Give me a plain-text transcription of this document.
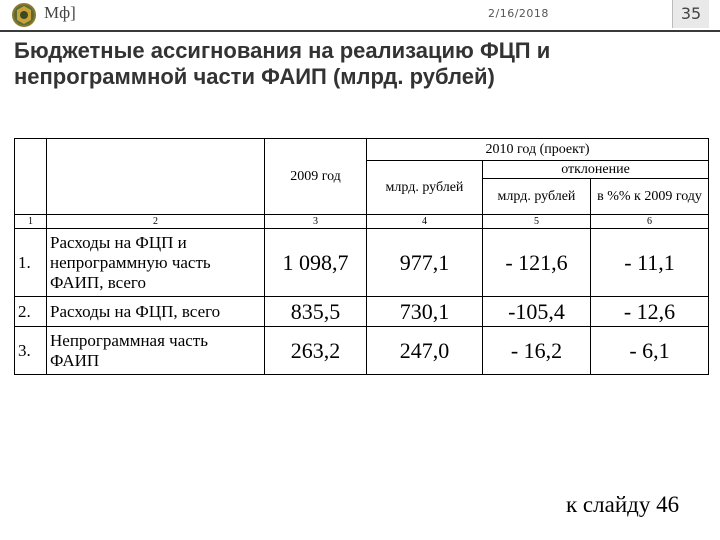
Мф]	2/16/2018	35
Бюджетные ассигнования на реализацию ФЦП и непрограммной части ФАИП (млрд. рублей)
		2009 год	2010 год (проект)		
			млрд. рублей	отклонение	
				млрд. рублей	в %% к 2009 году
1	2	3	4	5	6
1.	Расходы на ФЦП и непрограммную часть ФАИП, всего	1 098,7	977,1	- 121,6	- 11,1
2.	Расходы на ФЦП, всего	835,5	730,1	-105,4	- 12,6
3.	Непрограммная часть ФАИП	263,2	247,0	- 16,2	- 6,1
к слайду 46
